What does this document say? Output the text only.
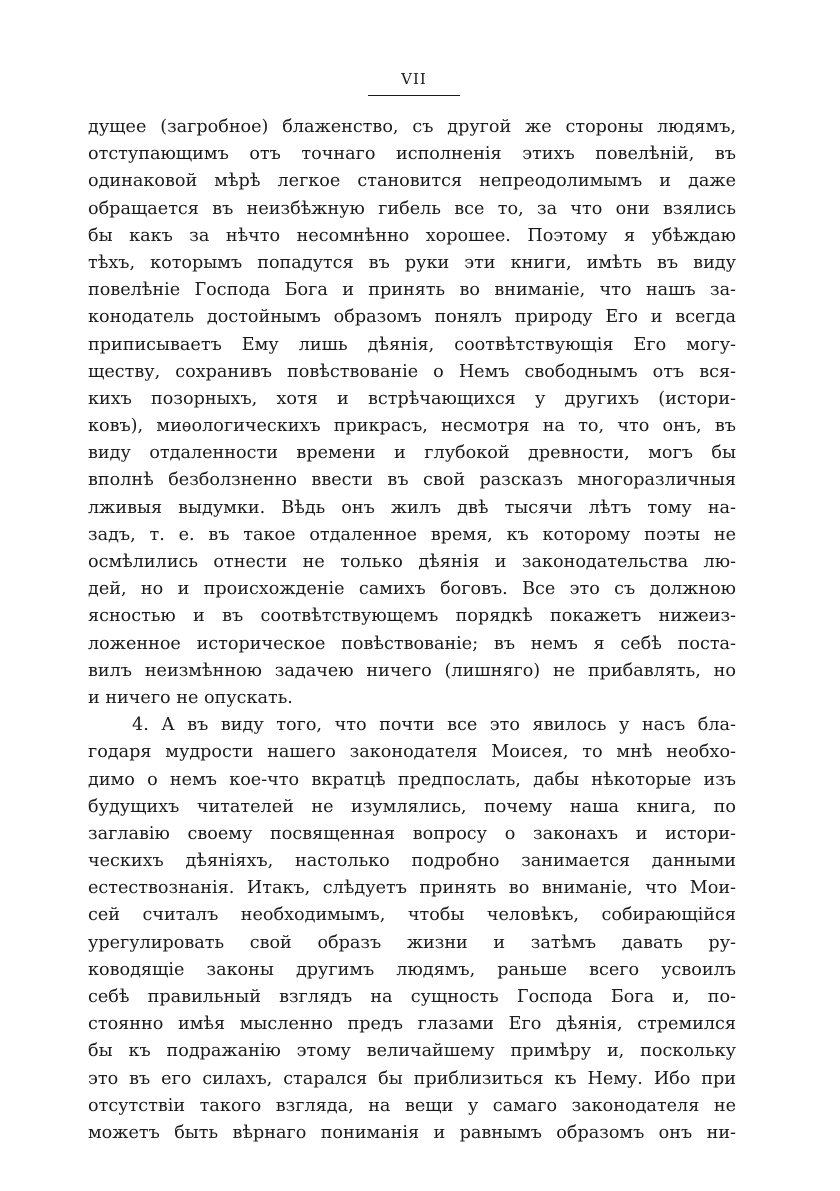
VII
дущее (загробное) блаженство, съ другой же стороны людямъ,
отступающимъ отъ точнаго исполненія этихъ повелѣній, въ
одинаковой мѣрѣ легкое становится непреодолимымъ и даже
обращается въ неизбѣжную гибель все то, за что они взялись
бы какъ за нѣчто несомнѣнно хорошее. Поэтому я убѣждаю
тѣхъ, которымъ попадутся въ руки эти книги, имѣть въ виду
повелѣніе Господа Бога и принять во вниманіе, что нашъ за-
конодатель достойнымъ образомъ понялъ природу Его и всегда
приписываетъ Ему лишь дѣянія, соотвѣтствующія Его могу-
ществу, сохранивъ повѣствованіе о Немъ свободнымъ отъ вся-
кихъ позорныхъ, хотя и встрѣчающихся у другихъ (истори-
ковъ), миѳологическихъ прикрасъ, несмотря на то, что онъ, въ
виду отдаленности времени и глубокой древности, могъ бы
вполнѣ безболзненно ввести въ свой разсказъ многоразличныя
лживыя выдумки. Вѣдь онъ жилъ двѣ тысячи лѣтъ тому на-
задъ, т. е. въ такое отдаленное время, къ которому поэты не
осмѣлились отнести не только дѣянія и законодательства лю-
дей, но и происхожденіе самихъ боговъ. Все это съ должною
ясностью и въ соотвѣтствующемъ порядкѣ покажетъ нижеиз-
ложенное историческое повѣствованіе; въ немъ я себѣ поста-
вилъ неизмѣнною задачею ничего (лишняго) не прибавлять, но
и ничего не опускать.
4. А въ виду того, что почти все это явилось у насъ бла-
годаря мудрости нашего законодателя Моисея, то мнѣ необхо-
димо о немъ кое-что вкратцѣ предпослать, дабы нѣкоторые изъ
будущихъ читателей не изумлялись, почему наша книга, по
заглавію своему посвященная вопросу о законахъ и истори-
ческихъ дѣяніяхъ, настолько подробно занимается данными
естествознанія. Итакъ, слѣдуетъ принять во вниманіе, что Мои-
сей считалъ необходимымъ, чтобы человѣкъ, собирающійся
урегулировать свой образъ жизни и затѣмъ давать ру-
ководящіе законы другимъ людямъ, раньше всего усвоилъ
себѣ правильный взглядъ на сущность Господа Бога и, по-
стоянно имѣя мысленно предъ глазами Его дѣянія, стремился
бы къ подражанію этому величайшему примѣру и, поскольку
это въ его силахъ, старался бы приблизиться къ Нему. Ибо при
отсутствіи такого взгляда, на вещи у самаго законодателя не
можетъ быть вѣрнаго пониманія и равнымъ образомъ онъ ни-
